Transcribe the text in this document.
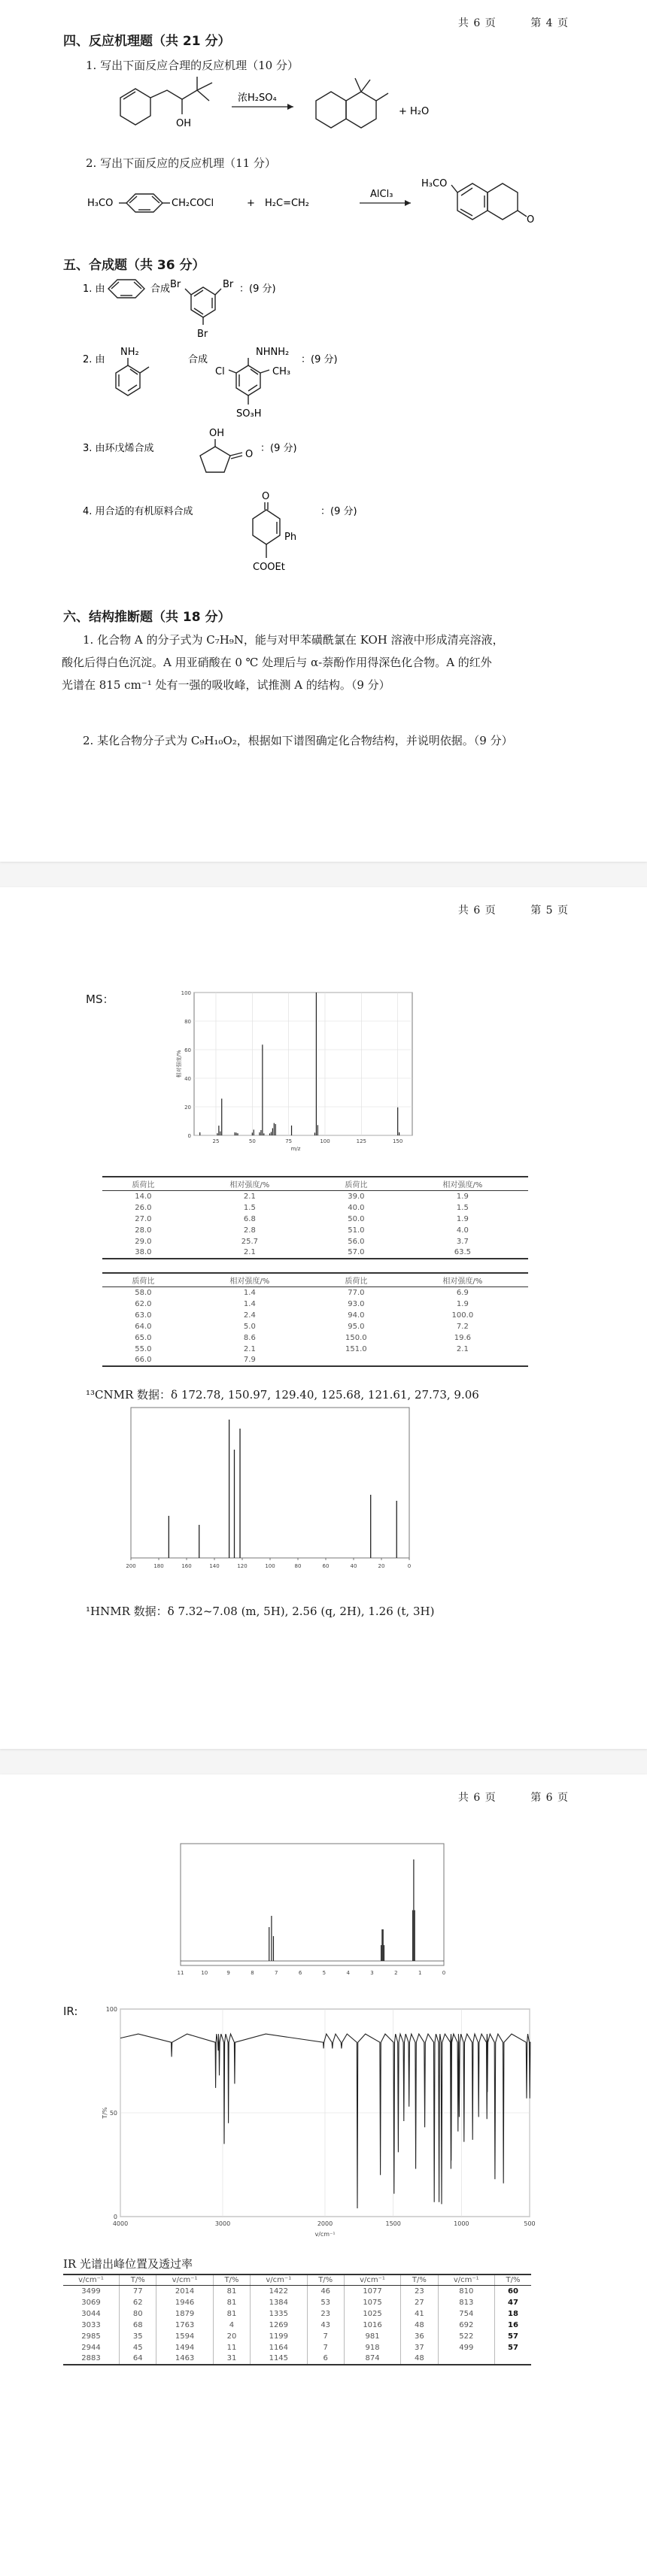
共 6 页	第 4 页
四、反应机理题（共 21 分）
1. 写出下面反应合理的反应机理（10 分）
OH
浓H₂SO₄
+ H₂O
2. 写出下面反应的反应机理（11 分）
H₃CO	CH₂COCl	+ H₂C=CH₂
AlCl₃
H₃CO
O
五、合成题（共 36 分）
1. 由	合成 Br	Br
Br
：(9 分)
2. 由
NH₂
合成
NHNH₂
Cl	CH₃
SO₃H
：(9 分)
3. 由环戊烯合成
OH
O
：(9 分)
4. 用合适的有机原料合成
O
Ph
COOEt
：(9 分)
六、结构推断题（共 18 分）
1. 化合物 A 的分子式为 C₇H₉N，能与对甲苯磺酰氯在 KOH 溶液中形成清亮溶液，
酸化后得白色沉淀。A 用亚硝酸在 0 ℃ 处理后与 α-萘酚作用得深色化合物。A 的红外
光谱在 815 cm⁻¹ 处有一强的吸收峰，试推测 A 的结构。（9 分）
2. 某化合物分子式为 C₉H₁₀O₂，根据如下谱图确定化合物结构，并说明依据。（9 分）
共 6 页	第 5 页
MS：
0
20
40
60
80
100
25	50	75	100	125	150
相对强度/%
m/z
质荷比	相对强度/%	质荷比	相对强度/%
14.0	2.1	39.0	1.9
26.0	1.5	40.0	1.5
27.0	6.8	50.0	1.9
28.0	2.8	51.0	4.0
29.0	25.7	56.0	3.7
38.0	2.1	57.0	63.5
质荷比	相对强度/%	质荷比	相对强度/%
58.0	1.4	77.0	6.9
62.0	1.4	93.0	1.9
63.0	2.4	94.0	100.0
64.0	5.0	95.0	7.2
65.0	8.6	150.0	19.6
55.0	2.1	151.0	2.1
66.0	7.9		
¹³CNMR 数据：δ 172.78, 150.97, 129.40, 125.68, 121.61, 27.73, 9.06
200	180	160	140	120	100	80	60	40	20	0
¹HNMR 数据：δ 7.32~7.08 (m, 5H), 2.56 (q, 2H), 1.26 (t, 3H)
共 6 页	第 6 页
11	10	9	8	7	6	5	4	3	2	1	0
IR:
0
50
100
4000	3000	2000	1500	1000	500
T/%
v/cm⁻¹
IR 光谱出峰位置及透过率
v/cm⁻¹	T/%	v/cm⁻¹	T/%	v/cm⁻¹	T/%	v/cm⁻¹	T/%	v/cm⁻¹	T/%
3499	77	2014	81	1422	46	1077	23	810	60
3069	62	1946	81	1384	53	1075	27	813	47
3044	80	1879	81	1335	23	1025	41	754	18
3033	68	1763	4	1269	43	1016	48	692	16
2985	35	1594	20	1199	7	981	36	522	57
2944	45	1494	11	1164	7	918	37	499	57
2883	64	1463	31	1145	6	874	48		
